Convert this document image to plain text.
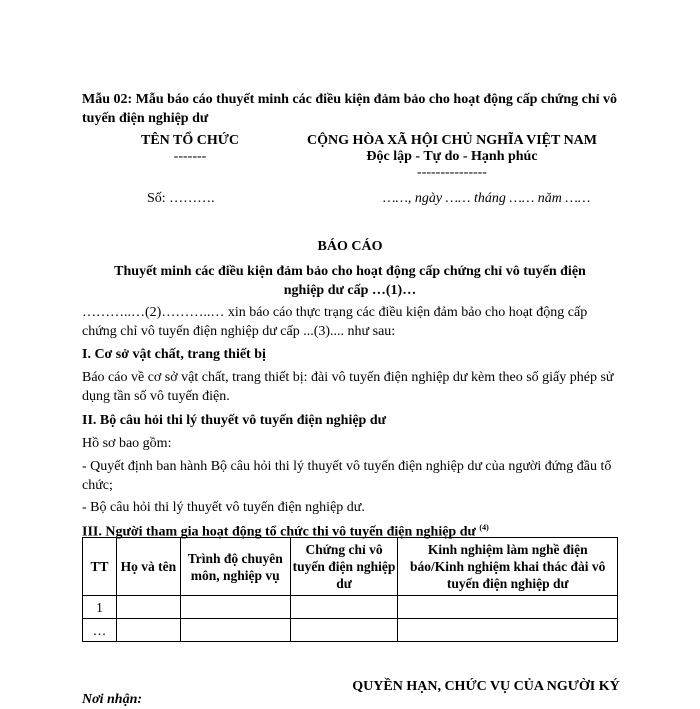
Mẫu 02: Mẫu báo cáo thuyết minh các điều kiện đảm bảo cho hoạt động cấp chứng chỉ vô tuyến điện nghiệp dư
TÊN TỔ CHỨC
-------
CỘNG HÒA XÃ HỘI CHỦ NGHĨA VIỆT NAM
Độc lập - Tự do - Hạnh phúc
---------------
Số: ……….	……, ngày …… tháng …… năm ……
BÁO CÁO
Thuyết minh các điều kiện đảm bảo cho hoạt động cấp chứng chỉ vô tuyến điện nghiệp dư cấp …(1)…
………..…(2)………..… xin báo cáo thực trạng các điều kiện đảm bảo cho hoạt động cấp chứng chỉ vô tuyến điện nghiệp dư cấp ...(3).... như sau:
I. Cơ sở vật chất, trang thiết bị
Báo cáo về cơ sở vật chất, trang thiết bị: đài vô tuyến điện nghiệp dư kèm theo số giấy phép sử dụng tần số vô tuyến điện.
II. Bộ câu hỏi thi lý thuyết vô tuyến điện nghiệp dư
Hồ sơ bao gồm:
- Quyết định ban hành Bộ câu hỏi thi lý thuyết vô tuyến điện nghiệp dư của người đứng đầu tổ chức;
- Bộ câu hỏi thi lý thuyết vô tuyến điện nghiệp dư.
III. Người tham gia hoạt động tổ chức thi vô tuyến điện nghiệp dư $^{(4)}$
TT	Họ và tên	Trình độ chuyên môn, nghiệp vụ	Chứng chỉ vô tuyến điện nghiệp dư	Kinh nghiệm làm nghề điện báo/Kinh nghiệm khai thác đài vô tuyến điện nghiệp dư
1				
…				
Nơi nhận:
QUYỀN HẠN, CHỨC VỤ CỦA NGƯỜI KÝ
